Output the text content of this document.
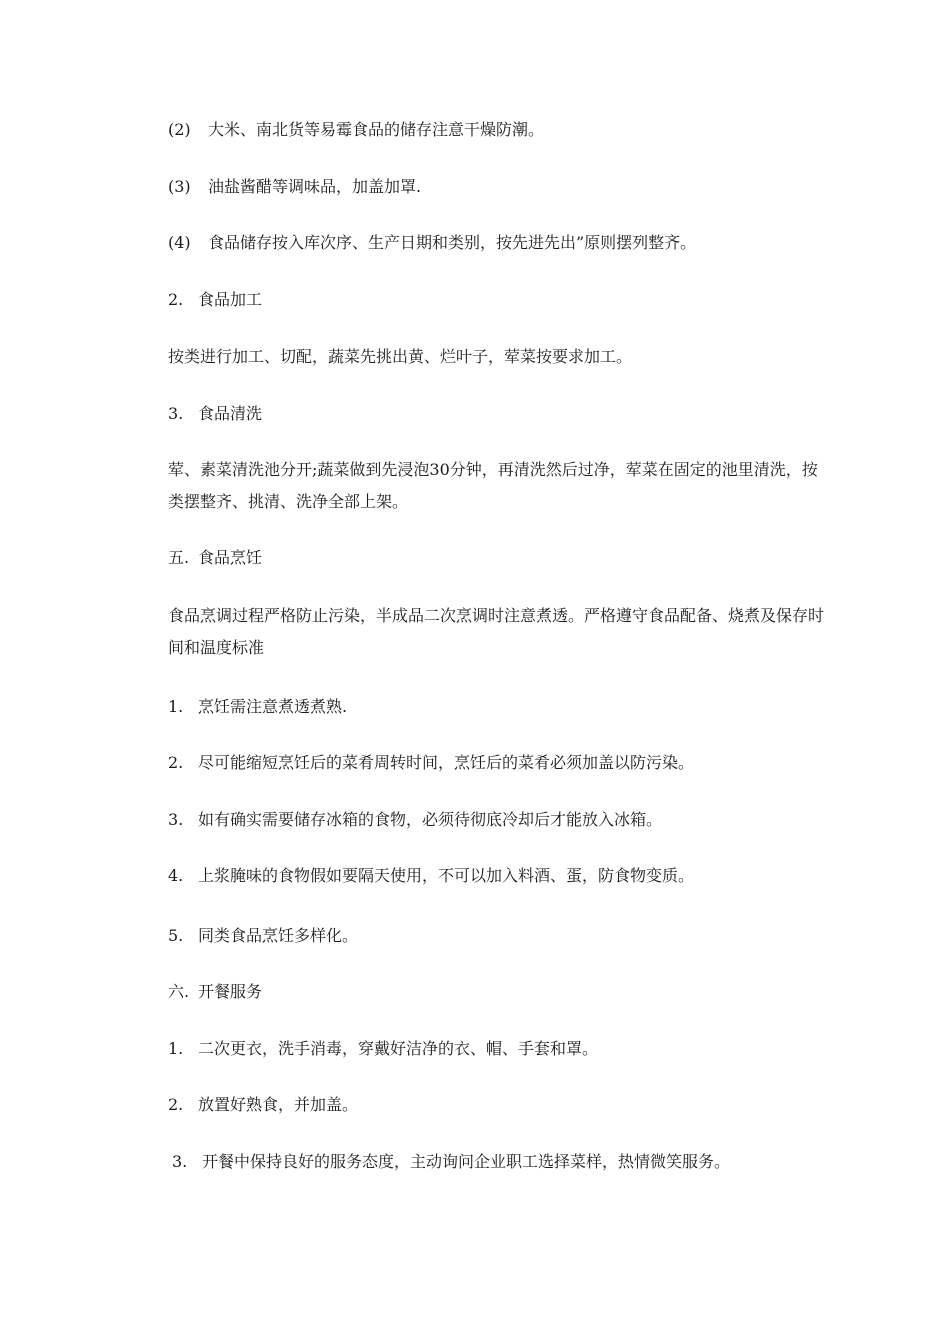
(2) 大米、南北货等易霉食品的储存注意干燥防潮。
(3) 油盐酱醋等调味品，加盖加罩.
(4) 食品储存按入库次序、生产日期和类别，按先进先出”原则摆列整齐。
2. 食品加工
按类进行加工、切配，蔬菜先挑出黄、烂叶子，荤菜按要求加工。
3. 食品清洗
荤、素菜清洗池分开;蔬菜做到先浸泡30分钟，再清洗然后过净，荤菜在固定的池里清洗，按类摆整齐、挑清、洗净全部上架。
五. 食品烹饪
食品烹调过程严格防止污染，半成品二次烹调时注意煮透。严格遵守食品配备、烧煮及保存时间和温度标准
1. 烹饪需注意煮透煮熟.
2. 尽可能缩短烹饪后的菜肴周转时间，烹饪后的菜肴必须加盖以防污染。
3. 如有确实需要储存冰箱的食物，必须待彻底冷却后才能放入冰箱。
4. 上浆腌味的食物假如要隔天使用，不可以加入料酒、蛋，防食物变质。
5. 同类食品烹饪多样化。
六. 开餐服务
1. 二次更衣，洗手消毒，穿戴好洁净的衣、帽、手套和罩。
2. 放置好熟食，并加盖。
3. 开餐中保持良好的服务态度，主动询问企业职工选择菜样，热情微笑服务。
